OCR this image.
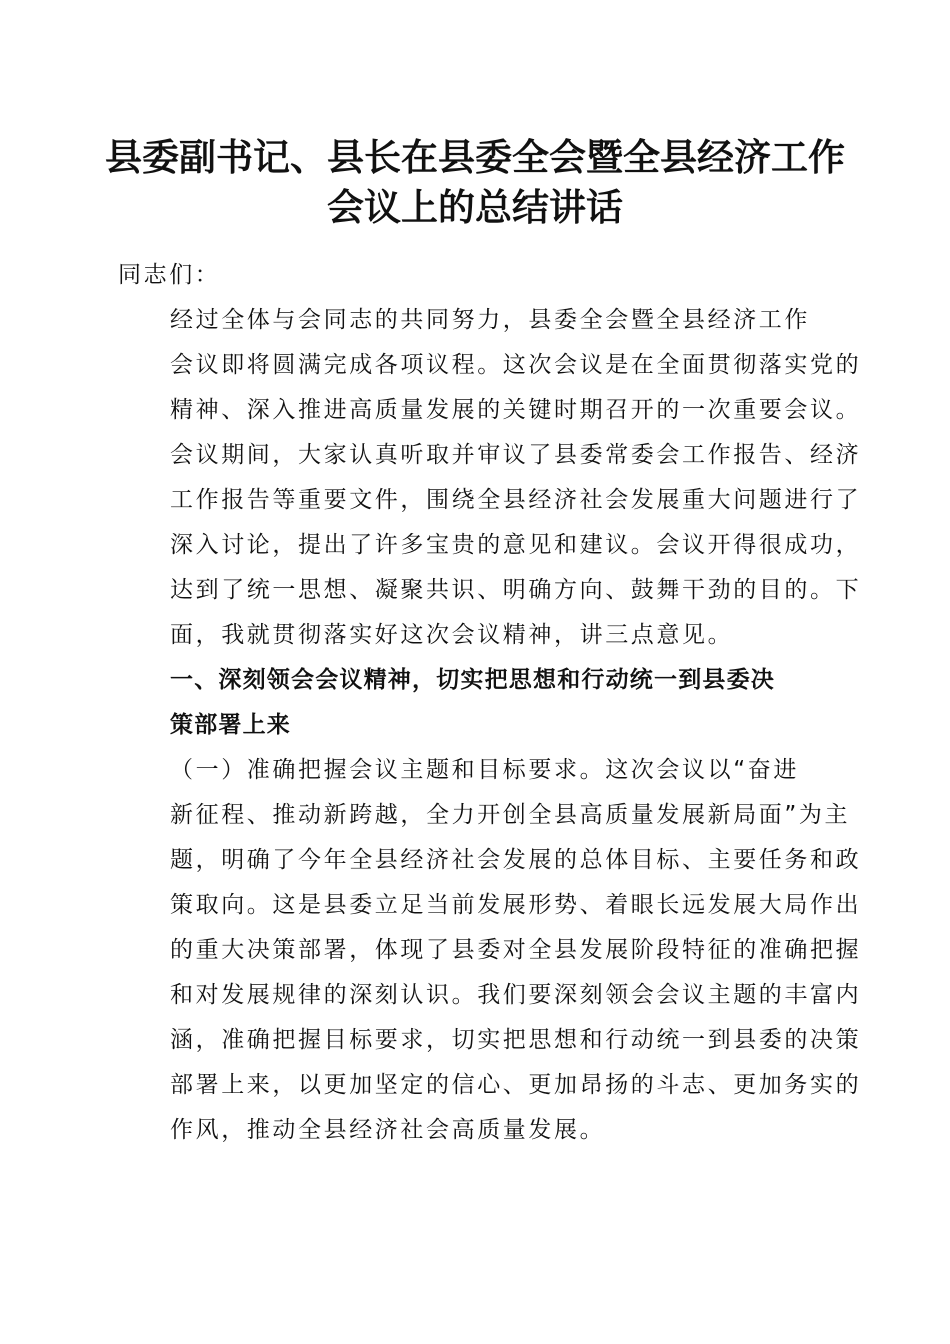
县委副书记、县长在县委全会暨全县经济工作
会议上的总结讲话

同志们：

经过全体与会同志的共同努力，县委全会暨全县经济工作
会议即将圆满完成各项议程。这次会议是在全面贯彻落实党的
精神、深入推进高质量发展的关键时期召开的一次重要会议。
会议期间，大家认真听取并审议了县委常委会工作报告、经济
工作报告等重要文件，围绕全县经济社会发展重大问题进行了
深入讨论，提出了许多宝贵的意见和建议。会议开得很成功，
达到了统一思想、凝聚共识、明确方向、鼓舞干劲的目的。下
面，我就贯彻落实好这次会议精神，讲三点意见。

一、深刻领会会议精神，切实把思想和行动统一到县委决
策部署上来

（一）准确把握会议主题和目标要求。这次会议以“奋进
新征程、推动新跨越，全力开创全县高质量发展新局面”为主
题，明确了今年全县经济社会发展的总体目标、主要任务和政
策取向。这是县委立足当前发展形势、着眼长远发展大局作出
的重大决策部署，体现了县委对全县发展阶段特征的准确把握
和对发展规律的深刻认识。我们要深刻领会会议主题的丰富内
涵，准确把握目标要求，切实把思想和行动统一到县委的决策
部署上来，以更加坚定的信心、更加昂扬的斗志、更加务实的
作风，推动全县经济社会高质量发展。
